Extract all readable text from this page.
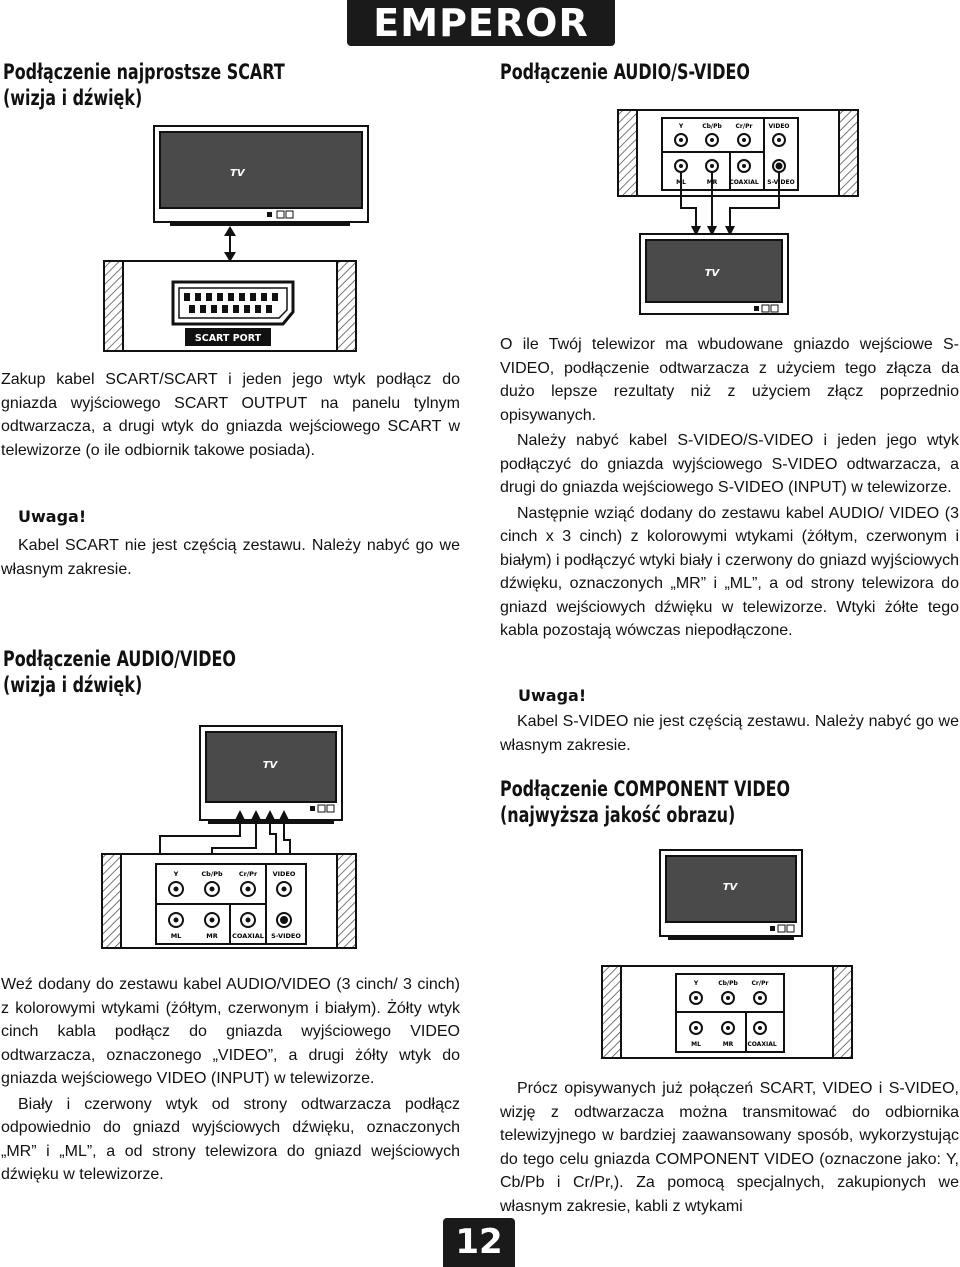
EMPEROR IV
Podłączenie najprostsze SCART
(wizja i dźwięk)
TV
SCART PORT

Zakup kabel SCART/SCART i jeden jego wtyk podłącz do gniazda wyjściowego SCART OUTPUT na panelu tylnym odtwarzacza, a drugi wtyk do gniazda wejściowego SCART w telewizorze (o ile odbiornik takowe posiada).

Uwaga!

Kabel SCART nie jest częścią zestawu. Należy nabyć go we własnym zakresie.

Podłączenie AUDIO/VIDEO
(wizja i dźwięk)
TV
Y	Cb/Pb Cr/Pr VIDEO
ML	MR COAXIAL S-VIDEO

Weź dodany do zestawu kabel AUDIO/VIDEO (3 cinch/ 3 cinch) z kolorowymi wtykami (żółtym, czerwonym i białym). Żółty wtyk cinch kabla podłącz do gniazda wyjściowego VIDEO odtwarzacza, oznaczonego „VIDEO”, a drugi żółty wtyk do gniazda wejściowego VIDEO (INPUT) w telewizorze.

Biały i czerwony wtyk od strony odtwarzacza podłącz odpowiednio do gniazd wyjściowych dźwięku, oznaczonych „MR” i „ML”, a od strony telewizora do gniazd wejściowych dźwięku w telewizorze.

Podłączenie AUDIO/S-VIDEO
Y	Cb/Pb Cr/Pr	VIDEO
ML	MR COAXIAL S-VIDEO
TV

O ile Twój telewizor ma wbudowane gniazdo wejściowe S-VIDEO, podłączenie odtwarzacza z użyciem tego złącza da dużo lepsze rezultaty niż z użyciem złącz poprzednio opisywanych.

Należy nabyć kabel S-VIDEO/S-VIDEO i jeden jego wtyk podłączyć do gniazda wyjściowego S-VIDEO odtwarzacza, a drugi do gniazda wejściowego S-VIDEO (INPUT) w telewizorze.

Następnie wziąć dodany do zestawu kabel AUDIO/ VIDEO (3 cinch x 3 cinch) z kolorowymi wtykami (żółtym, czerwonym i białym) i podłączyć wtyki biały i czerwony do gniazd wyjściowych dźwięku, oznaczonych „MR” i „ML”, a od strony telewizora do gniazd wejściowych dźwięku w telewizorze. Wtyki żółte tego kabla pozostają wówczas niepodłączone.

Uwaga!

Kabel S-VIDEO nie jest częścią zestawu. Należy nabyć go we własnym zakresie.

Podłączenie COMPONENT VIDEO
(najwyższa jakość obrazu)
TV
Y	Cb/Pb Cr/Pr
ML	MR COAXIAL

Prócz opisywanych już połączeń SCART, VIDEO i S-VIDEO, wizję z odtwarzacza można transmitować do odbiornika telewizyjnego w bardziej zaawansowany sposób, wykorzystując do tego celu gniazda COMPONENT VIDEO (oznaczone jako: Y, Cb/Pb i Cr/Pr,). Za pomocą specjalnych, zakupionych we własnym zakresie, kabli z wtykami

12
